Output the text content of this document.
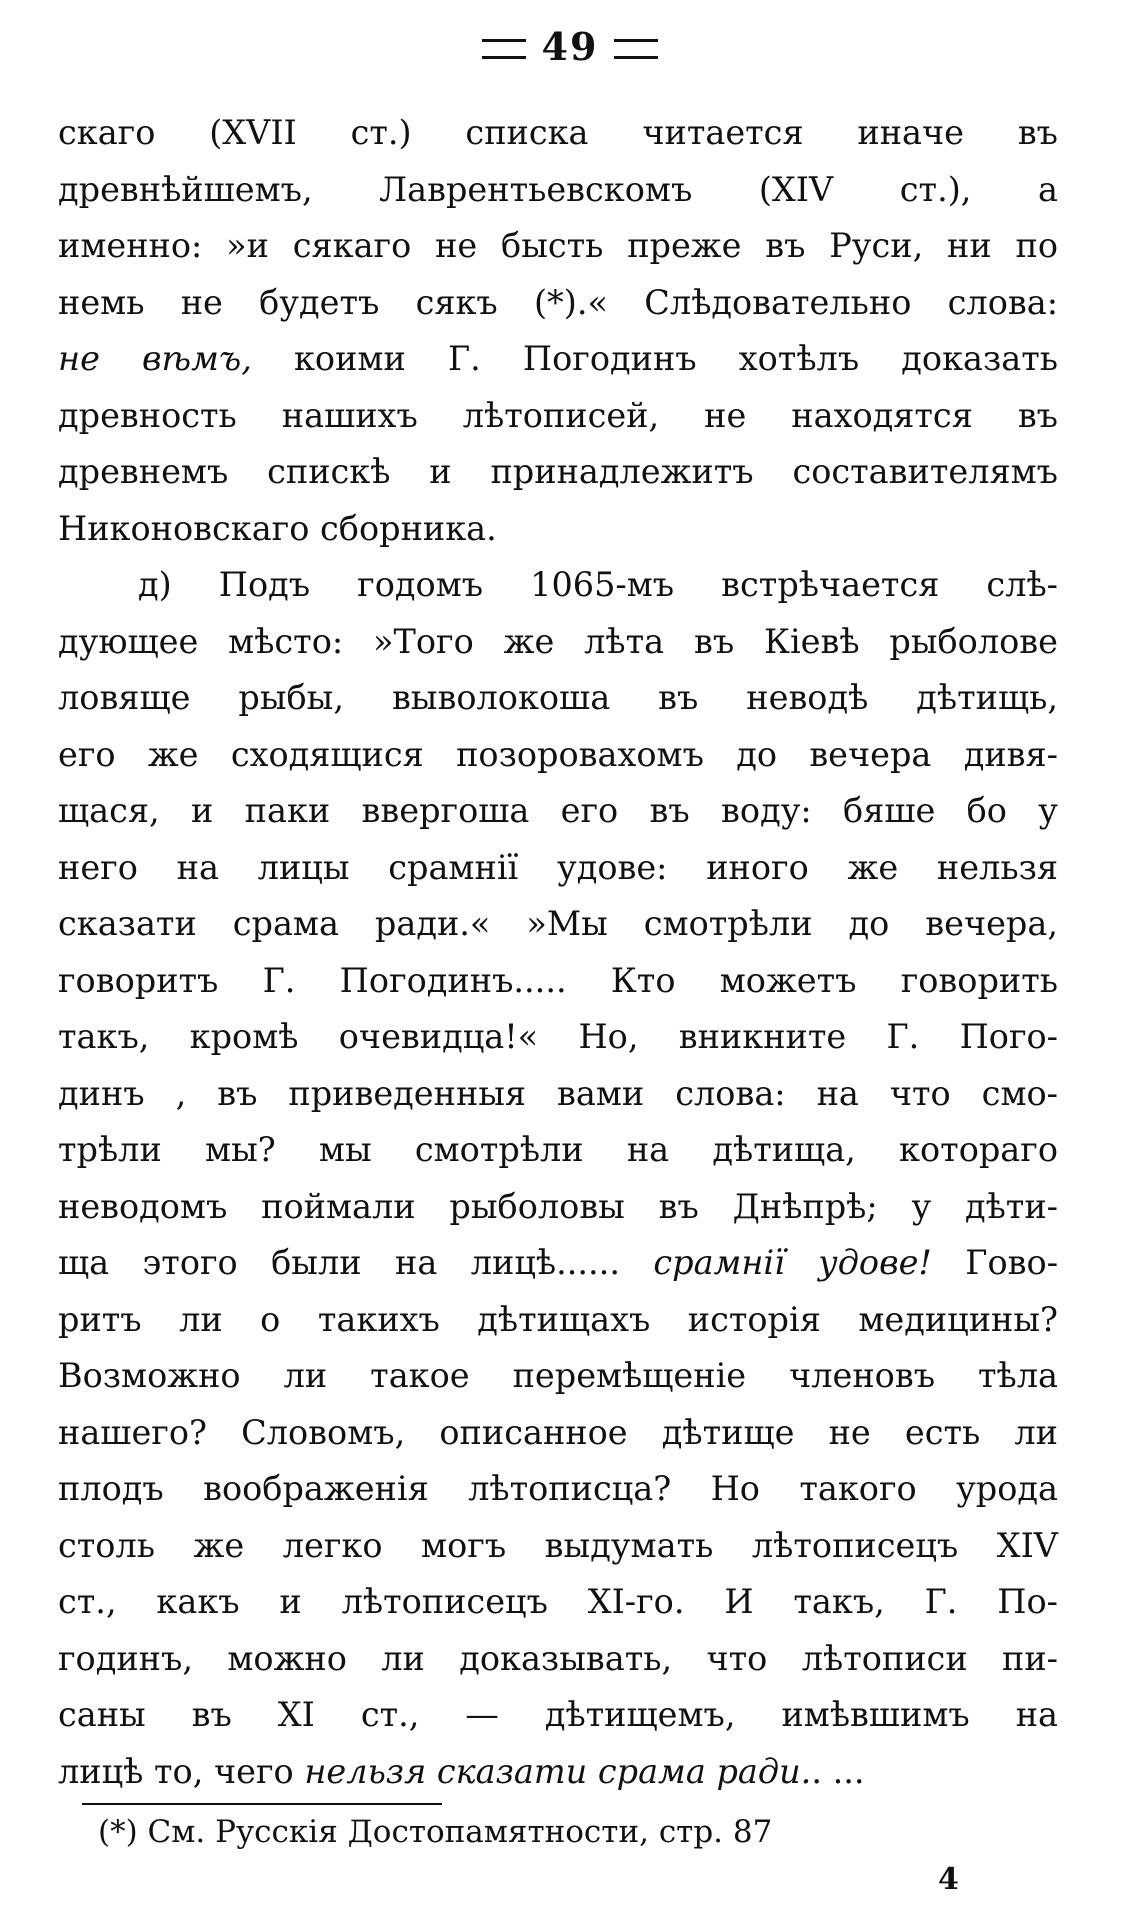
49
скаго (XVII ст.) списка читается иначе въ
древнѣйшемъ, Лаврентьевскомъ (XIV ст.), а
именно: »и сякаго не бысть преже въ Руси, ни по
немь не будетъ сякъ (*).« Слѣдовательно слова:
не вѣмъ, коими Г. Погодинъ хотѣлъ доказать
древность нашихъ лѣтописей, не находятся въ
древнемъ спискѣ и принадлежитъ составителямъ
Никоновскаго сборника.
д) Подъ годомъ 1065-мъ встрѣчается слѣ-
дующее мѣсто: »Того же лѣта въ Кіевѣ рыболове
ловяще рыбы, выволокоша въ неводѣ дѣтищь,
его же сходящися позоровахомъ до вечера дивя-
щася, и паки ввергоша его въ воду: бяше бо у
него на лицы срамнії удове: иного же нельзя
сказати срама ради.« »Мы смотрѣли до вечера,
говоритъ Г. Погодинъ..... Кто можетъ говорить
такъ, кромѣ очевидца!« Но, вникните Г. Пого-
динъ , въ приведенныя вами слова: на что смо-
трѣли мы? мы смотрѣли на дѣтища, котораго
неводомъ поймали рыболовы въ Днѣпрѣ; у дѣти-
ща этого были на лицѣ...... срамнії удове! Гово-
ритъ ли о такихъ дѣтищахъ исторія медицины?
Возможно ли такое перемѣщеніе членовъ тѣла
нашего? Словомъ, описанное дѣтище не есть ли
плодъ воображенія лѣтописца? Но такого урода
столь же легко могъ выдумать лѣтописецъ XIV
ст., какъ и лѣтописецъ XI-го. И такъ, Г. По-
годинъ, можно ли доказывать, что лѣтописи пи-
саны въ XI ст., — дѣтищемъ, имѣвшимъ на
лицѣ то, чего нельзя сказати срама ради.. ...
(*) См. Русскія Достопамятности, стр. 87
4
